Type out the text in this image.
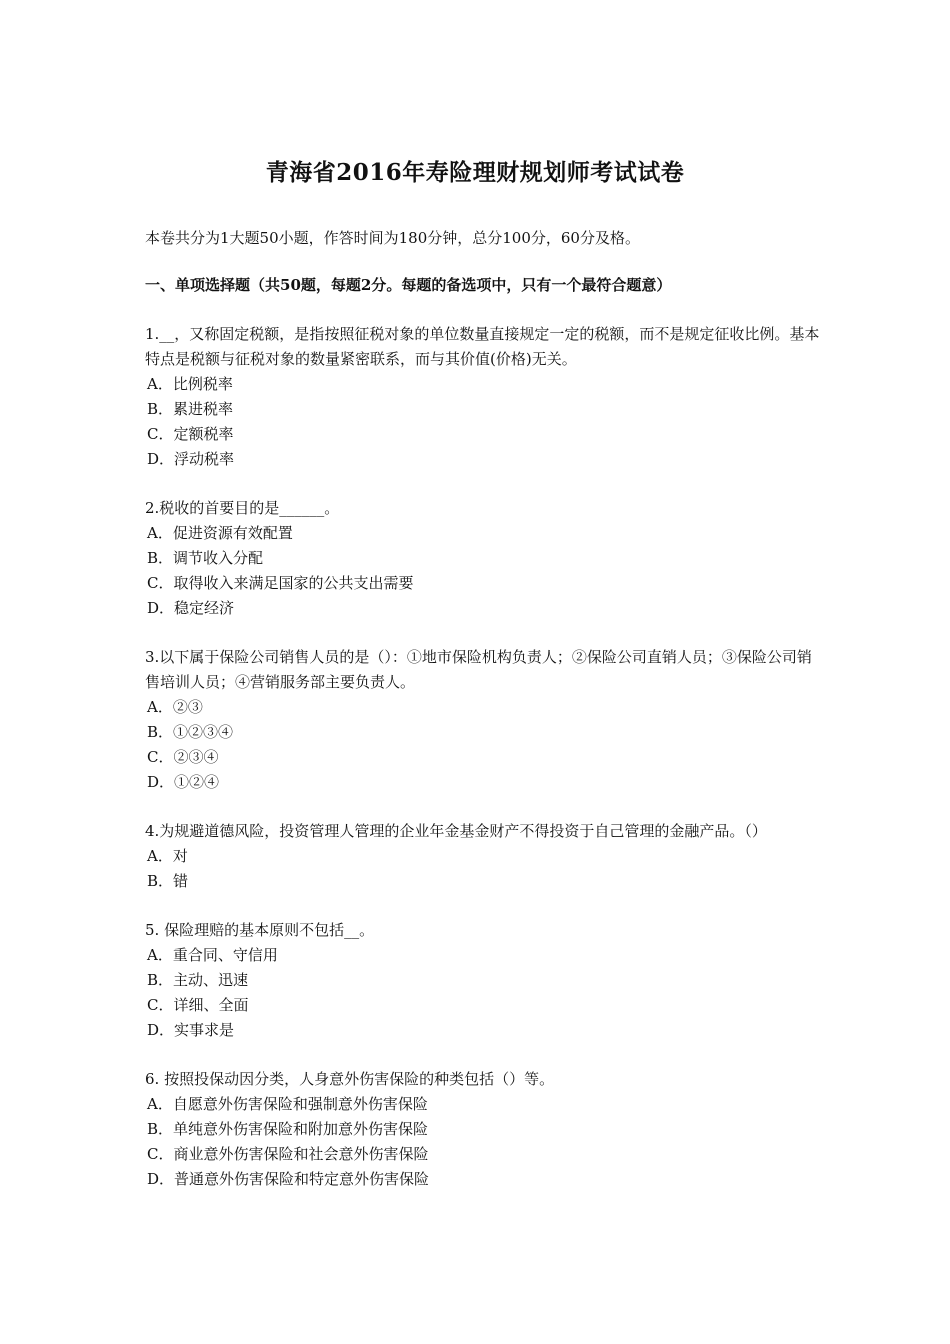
青海省2016年寿险理财规划师考试试卷

本卷共分为1大题50小题，作答时间为180分钟，总分100分，60分及格。

一、单项选择题（共50题，每题2分。每题的备选项中，只有一个最符合题意）

1.__，又称固定税额，是指按照征税对象的单位数量直接规定一定的税额，而不是规定征收比例。基本特点是税额与征税对象的数量紧密联系，而与其价值(价格)无关。

A．比例税率

B．累进税率

C．定额税率

D．浮动税率

2.税收的首要目的是______。

A．促进资源有效配置

B．调节收入分配

C．取得收入来满足国家的公共支出需要

D．稳定经济

3.以下属于保险公司销售人员的是（）：①地市保险机构负责人；②保险公司直销人员；③保险公司销售培训人员；④营销服务部主要负责人。

A．②③

B．①②③④

C．②③④

D．①②④

4.为规避道德风险，投资管理人管理的企业年金基金财产不得投资于自己管理的金融产品。（）

A．对

B．错

5. 保险理赔的基本原则不包括__。

A．重合同、守信用

B．主动、迅速

C．详细、全面

D．实事求是

6. 按照投保动因分类，人身意外伤害保险的种类包括（）等。

A．自愿意外伤害保险和强制意外伤害保险

B．单纯意外伤害保险和附加意外伤害保险

C．商业意外伤害保险和社会意外伤害保险

D．普通意外伤害保险和特定意外伤害保险
